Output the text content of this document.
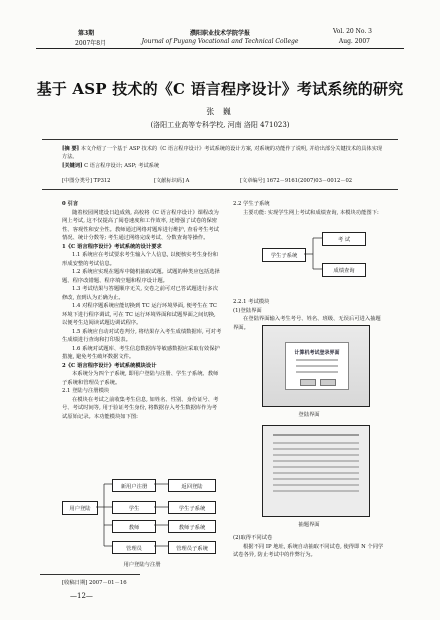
第3期
2007年8月
濮阳职业技术学院学报
Journal of Puyang Vocational and Technical College
Vol. 20 No. 3
Aug. 2007
基于 ASP 技术的《C 语言程序设计》考试系统的研究
张 巍
(洛阳工业高等专科学校, 河南 洛阳 471023)
[摘 要] 本文介绍了一个基于 ASP 技术的《C 语言程序设计》考试系统的设计方案, 对系统的功能作了说明, 并给出部分关键技术的具体实现方法。
[关键词] C 语言程序设计; ASP; 考试系统
[中图分类号] TP312	[文献标识码] A	[文章编号] 1672－9161(2007)03－0012－02

0 引言

随着校园网建设日趋成熟, 高校将《C 语言程序设计》课程改为网上考试, 这不仅提高了阅卷速度和工作效率, 还增强了试卷的保密性、客观性和安全性。教师通过网络对题库进行维护, 查看考生考试情况、统计分数等; 考生通过网络完成考试、分数查询等操作。

1《C 语言程序设计》考试系统的设计要求

1.1 系统应在考试要求考生输入个人信息, 以便核实考生身份和形成安整的考试信息。

1.2 系统应实现在题库中随机抽取试题。试题的种类应包括选择题、程序改错题、程序填空题和程序设计题。

1.3 考试结果与答题顺序无关, 交卷之前可对已答试题进行多次修改, 直到认为正确为止。

1.4 对程序题系统应能切换到 TC 运行环境界面, 便考生在 TC 环境下进行程序调试, 可在 TC 运行环境界面和试题界面之间切换, 以便考生边阅读试题边调试程序。

1.5 系统应自动对试卷判分, 将结果存入考生成绩数据库, 可对考生成绩进行查询和打印报表。

1.6 系统对试题库、考生信息数据库等敏感数据应采取有效保护措施, 避免考生破坏数据文件。

2《C 语言程序设计》考试系统模块设计

本系统分为四个子系统, 即用户登陆与注册、学生子系统、教师子系统和管理员子系统。

2.1 登陆与注册模块

在模块在考试之前收集考生信息, 如姓名、性别、身份证号、考号、考试时间等, 用于验证考生身份, 将数据存入考生数据库作为考试原始记录。本功能模块如下图:

用户登陆
新用户注册
学生
教师
管理员
返回登陆
学生子系统
教师子系统
管理员子系统
用户登陆与注册

2.2 学生子系统

主要功能: 实现学生网上考试和成绩查询, 本模块功能图下:

学生子系统
考 试
成绩查询

2.2.1 考试模块

(1)登陆界面

在登陆界面输入考生考号、姓名、班级、无误后可进入抽题界面。

计算机考试登录界面
登陆界面
抽题界面

(2)取得不同试卷

根据不同 IP 地址, 系统自动抽取不同试卷, 使得即 N 个同学试卷各异, 防止考试中的作弊行为。

[收稿日期] 2007－01－16
—12—
